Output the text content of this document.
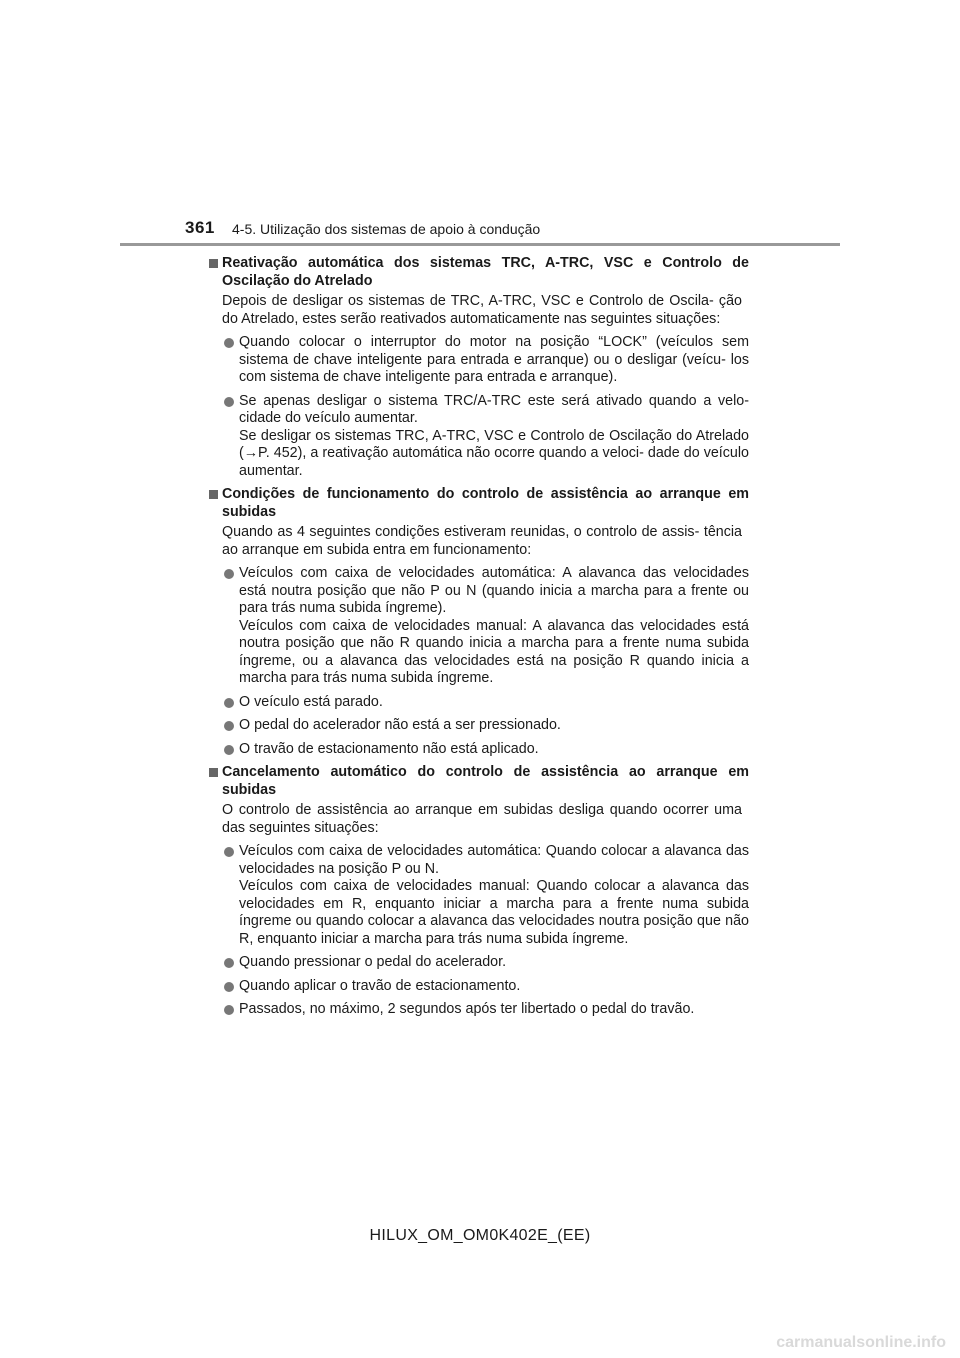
361 4-5. Utilização dos sistemas de apoio à condução

Reativação automática dos sistemas TRC, A-TRC, VSC e Controlo de Oscilação do Atrelado

Depois de desligar os sistemas de TRC, A-TRC, VSC e Controlo de Oscila- ção do Atrelado, estes serão reativados automaticamente nas seguintes situações:

Quando colocar o interruptor do motor na posição “LOCK” (veículos sem sistema de chave inteligente para entrada e arranque) ou o desligar (veícu- los com sistema de chave inteligente para entrada e arranque).

Se apenas desligar o sistema TRC/A-TRC este será ativado quando a velo- cidade do veículo aumentar.

Se desligar os sistemas TRC, A-TRC, VSC e Controlo de Oscilação do Atrelado (→P. 452), a reativação automática não ocorre quando a veloci- dade do veículo aumentar.

Condições de funcionamento do controlo de assistência ao arranque em subidas

Quando as 4 seguintes condições estiveram reunidas, o controlo de assis- tência ao arranque em subida entra em funcionamento:

Veículos com caixa de velocidades automática: A alavanca das velocidades está noutra posição que não P ou N (quando inicia a marcha para a frente ou para trás numa subida íngreme).

Veículos com caixa de velocidades manual: A alavanca das velocidades está noutra posição que não R quando inicia a marcha para a frente numa subida íngreme, ou a alavanca das velocidades está na posição R quando inicia a marcha para trás numa subida íngreme.

O veículo está parado.

O pedal do acelerador não está a ser pressionado.

O travão de estacionamento não está aplicado.

Cancelamento automático do controlo de assistência ao arranque em subidas

O controlo de assistência ao arranque em subidas desliga quando ocorrer uma das seguintes situações:

Veículos com caixa de velocidades automática: Quando colocar a alavanca das velocidades na posição P ou N.

Veículos com caixa de velocidades manual: Quando colocar a alavanca das velocidades em R, enquanto iniciar a marcha para a frente numa subida íngreme ou quando colocar a alavanca das velocidades noutra posição que não R, enquanto iniciar a marcha para trás numa subida íngreme.

Quando pressionar o pedal do acelerador.

Quando aplicar o travão de estacionamento.

Passados, no máximo, 2 segundos após ter libertado o pedal do travão.

HILUX_OM_OM0K402E_(EE)
carmanualsonline.info
